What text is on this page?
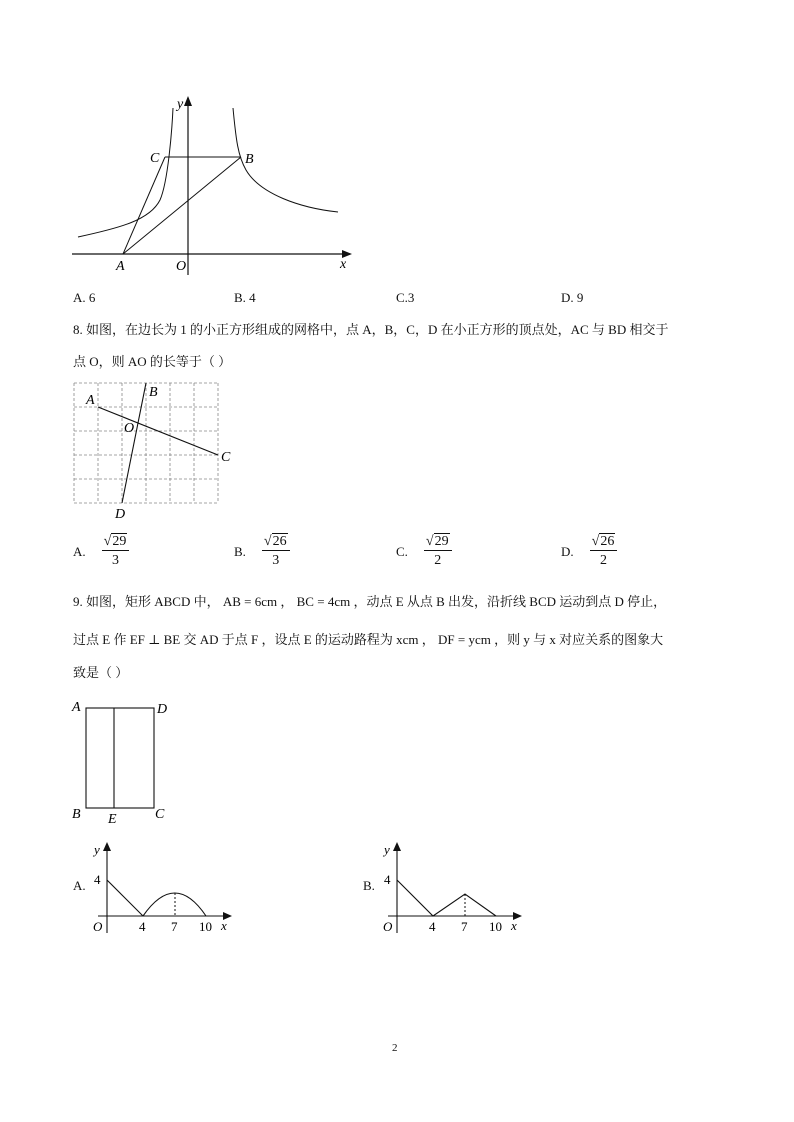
y
x
C	B
A	O
A. 6	B. 4	C.3	D. 9
8. 如图，在边长为 1 的小正方形组成的网格中，点 A，B，C，D 在小正方形的顶点处，AC 与 BD 相交于
点 O，则 AO 的长等于（ ）
A
B
O
C
D
A. $\frac{√29}{3}$	B. $\frac{√26}{3}$	C. $\frac{√29}{2}$	D. $\frac{√26}{2}$
9. 如图，矩形 ABCD 中， AB = 6cm ， BC = 4cm ，动点 E 从点 B 出发，沿折线 BCD 运动到点 D 停止，
过点 E 作 EF ⊥ BE 交 AD 于点 F ，设点 E 的运动路程为 xcm ， DF = ycm ，则 y 与 x 对应关系的图象大
致是（ ）
A	D
B E	C
A.
y
4
O	4 7 10 x
B.
y
4
O	4 7 10 x
2
